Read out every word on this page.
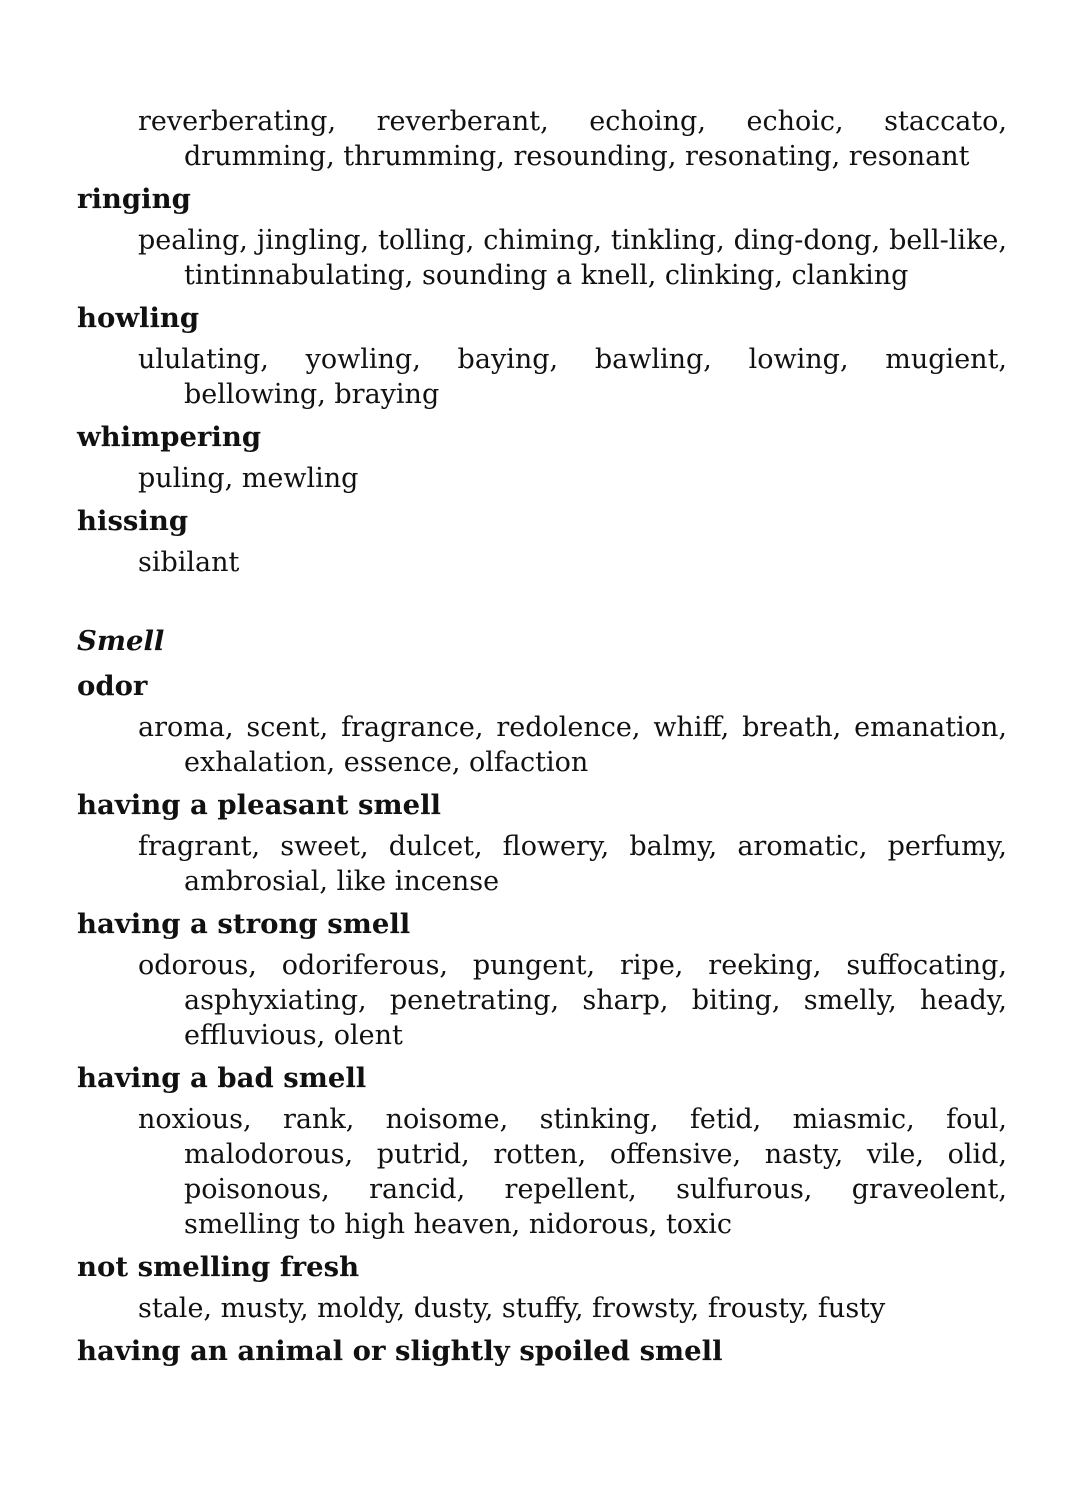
reverberating, reverberant, echoing, echoic, staccato, drumming, thrumming, resounding, resonating, resonant
ringing
pealing, jingling, tolling, chiming, tinkling, ding-dong, bell-like, tintinnabulating, sounding a knell, clinking, clanking
howling
ululating, yowling, baying, bawling, lowing, mugient, bellowing, braying
whimpering
puling, mewling
hissing
sibilant
Smell
odor
aroma, scent, fragrance, redolence, whiff, breath, emanation, exhalation, essence, olfaction
having a pleasant smell
fragrant, sweet, dulcet, flowery, balmy, aromatic, perfumy, ambrosial, like incense
having a strong smell
odorous, odoriferous, pungent, ripe, reeking, suffocating, asphyxiating, penetrating, sharp, biting, smelly, heady, effluvious, olent
having a bad smell
noxious, rank, noisome, stinking, fetid, miasmic, foul, malodorous, putrid, rotten, offensive, nasty, vile, olid, poisonous, rancid, repellent, sulfurous, graveolent, smelling to high heaven, nidorous, toxic
not smelling fresh
stale, musty, moldy, dusty, stuffy, frowsty, frousty, fusty
having an animal or slightly spoiled smell
